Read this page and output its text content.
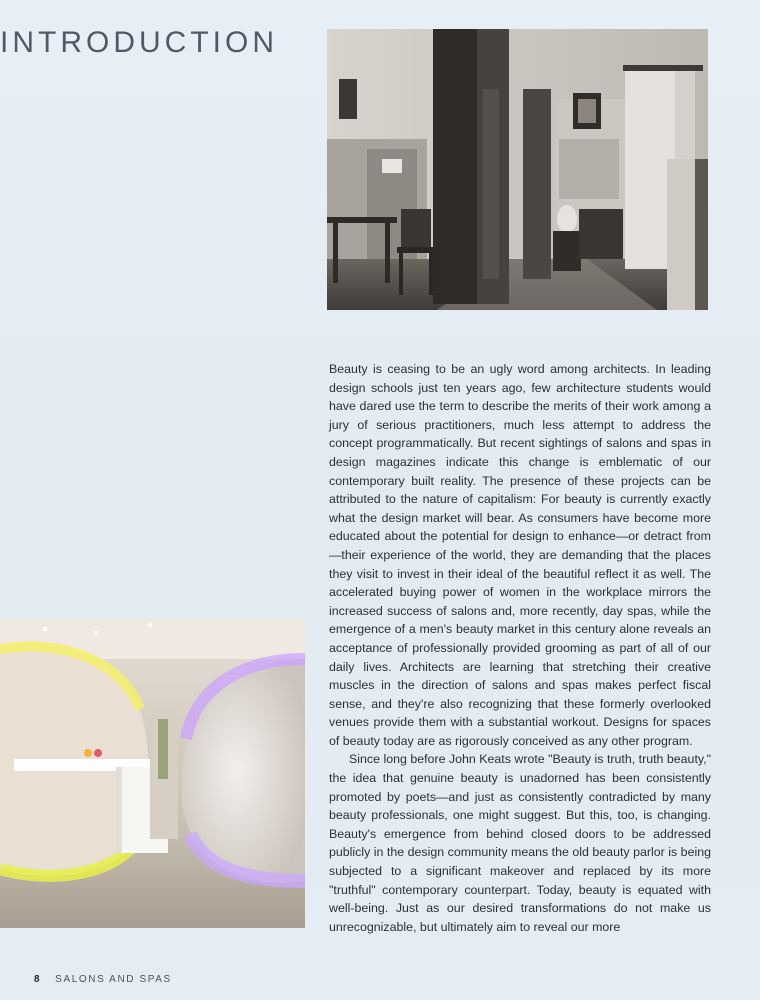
INTRODUCTION

Beauty is ceasing to be an ugly word among architects. In leading design schools just ten years ago, few architecture students would have dared use the term to describe the merits of their work among a jury of serious practitioners, much less attempt to address the concept programmatically. But recent sightings of salons and spas in design magazines indicate this change is emblematic of our contemporary built reality. The presence of these projects can be attributed to the nature of capitalism: For beauty is currently exactly what the design market will bear. As consumers have become more educated about the potential for design to enhance—or detract from—their experience of the world, they are demanding that the places they visit to invest in their ideal of the beautiful reflect it as well. The accelerated buying power of women in the workplace mirrors the increased success of salons and, more recently, day spas, while the emergence of a men's beauty market in this century alone reveals an acceptance of professionally provided grooming as part of all of our daily lives. Architects are learning that stretching their creative muscles in the direction of salons and spas makes perfect fiscal sense, and they're also recognizing that these formerly overlooked venues provide them with a substantial workout. Designs for spaces of beauty today are as rigorously conceived as any other program.

Since long before John Keats wrote "Beauty is truth, truth beauty," the idea that genuine beauty is unadorned has been consistently promoted by poets—and just as consistently contradicted by many beauty professionals, one might suggest. But this, too, is changing. Beauty's emergence from behind closed doors to be addressed publicly in the design community means the old beauty parlor is being subjected to a significant makeover and replaced by its more "truthful" contemporary counterpart. Today, beauty is equated with well-being. Just as our desired transformations do not make us unrecognizable, but ultimately aim to reveal our more

8 SALONS AND SPAS
